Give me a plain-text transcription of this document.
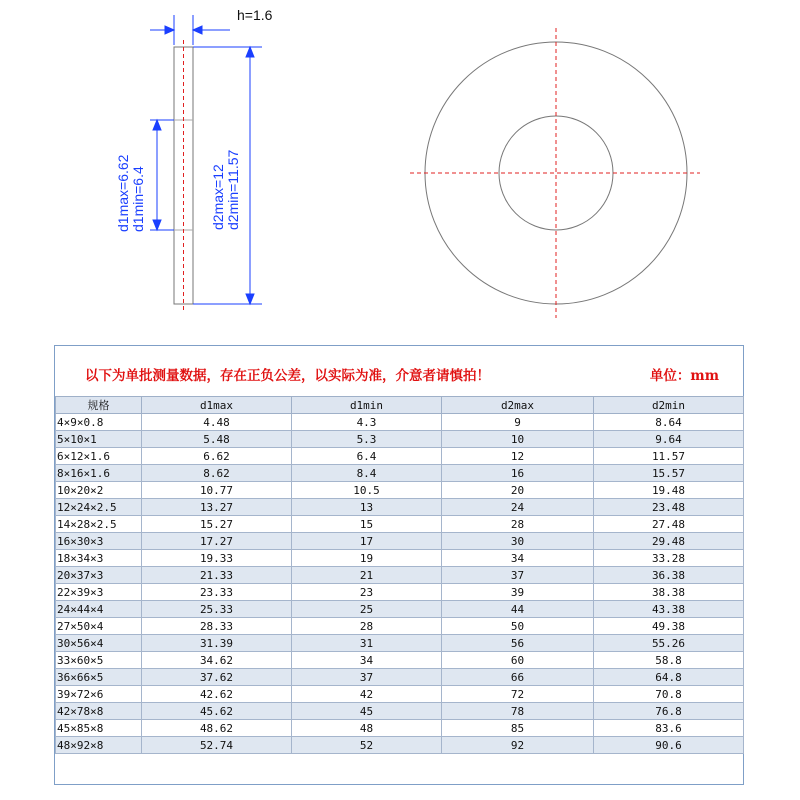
h=1.6
d1max=6.62 d1min=6.4	d2max=12 d2min=11.57
以下为单批测量数据，存在正负公差，以实际为准，介意者请慎拍！	单位：mm
规格	d1max	d1min	d2max	d2min
4×9×0.8	4.48	4.3	9	8.64
5×10×1	5.48	5.3	10	9.64
6×12×1.6	6.62	6.4	12	11.57
8×16×1.6	8.62	8.4	16	15.57
10×20×2	10.77	10.5	20	19.48
12×24×2.5	13.27	13	24	23.48
14×28×2.5	15.27	15	28	27.48
16×30×3	17.27	17	30	29.48
18×34×3	19.33	19	34	33.28
20×37×3	21.33	21	37	36.38
22×39×3	23.33	23	39	38.38
24×44×4	25.33	25	44	43.38
27×50×4	28.33	28	50	49.38
30×56×4	31.39	31	56	55.26
33×60×5	34.62	34	60	58.8
36×66×5	37.62	37	66	64.8
39×72×6	42.62	42	72	70.8
42×78×8	45.62	45	78	76.8
45×85×8	48.62	48	85	83.6
48×92×8	52.74	52	92	90.6
